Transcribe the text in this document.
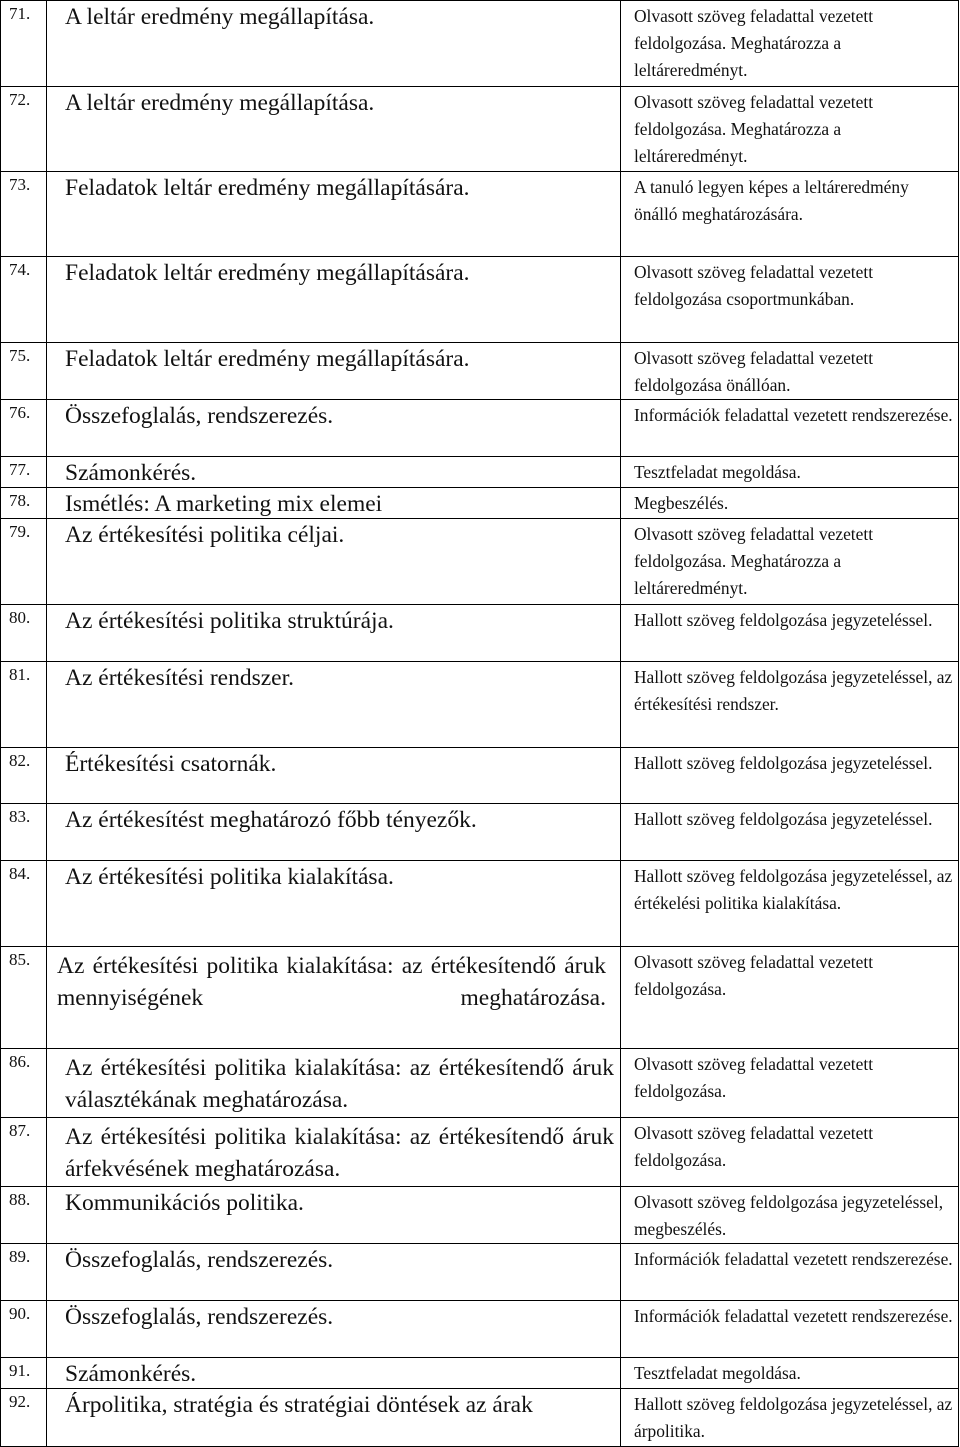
71.	A leltár eredmény megállapítása.	Olvasott szöveg feladattal vezetett feldolgozása. Meghatározza a leltáreredményt.
72.	A leltár eredmény megállapítása.	Olvasott szöveg feladattal vezetett feldolgozása. Meghatározza a leltáreredményt.
73.	Feladatok leltár eredmény megállapítására.	A tanuló legyen képes a leltáreredmény önálló meghatározására.
74.	Feladatok leltár eredmény megállapítására.	Olvasott szöveg feladattal vezetett feldolgozása csoportmunkában.
75.	Feladatok leltár eredmény megállapítására.	Olvasott szöveg feladattal vezetett feldolgozása önállóan.
76.	Összefoglalás, rendszerezés.	Információk feladattal vezetett rendszerezése.
77.	Számonkérés.	Tesztfeladat megoldása.
78.	Ismétlés: A marketing mix elemei	Megbeszélés.
79.	Az értékesítési politika céljai.	Olvasott szöveg feladattal vezetett feldolgozása. Meghatározza a leltáreredményt.
80.	Az értékesítési politika struktúrája.	Hallott szöveg feldolgozása jegyzeteléssel.
81.	Az értékesítési rendszer.	Hallott szöveg feldolgozása jegyzeteléssel, az értékesítési rendszer.
82.	Értékesítési csatornák.	Hallott szöveg feldolgozása jegyzeteléssel.
83.	Az értékesítést meghatározó főbb tényezők.	Hallott szöveg feldolgozása jegyzeteléssel.
84.	Az értékesítési politika kialakítása.	Hallott szöveg feldolgozása jegyzeteléssel, az értékelési politika kialakítása.
85.	Az értékesítési politika kialakítása: az értékesítendő áruk mennyiségének meghatározása.	Olvasott szöveg feladattal vezetett feldolgozása.
86.	Az értékesítési politika kialakítása: az értékesítendő áruk választékának meghatározása.	Olvasott szöveg feladattal vezetett feldolgozása.
87.	Az értékesítési politika kialakítása: az értékesítendő áruk árfekvésének meghatározása.	Olvasott szöveg feladattal vezetett feldolgozása.
88.	Kommunikációs politika.	Olvasott szöveg feldolgozása jegyzeteléssel, megbeszélés.
89.	Összefoglalás, rendszerezés.	Információk feladattal vezetett rendszerezése.
90.	Összefoglalás, rendszerezés.	Információk feladattal vezetett rendszerezése.
91.	Számonkérés.	Tesztfeladat megoldása.
92.	Árpolitika, stratégia és stratégiai döntések az árak	Hallott szöveg feldolgozása jegyzeteléssel, az árpolitika.
